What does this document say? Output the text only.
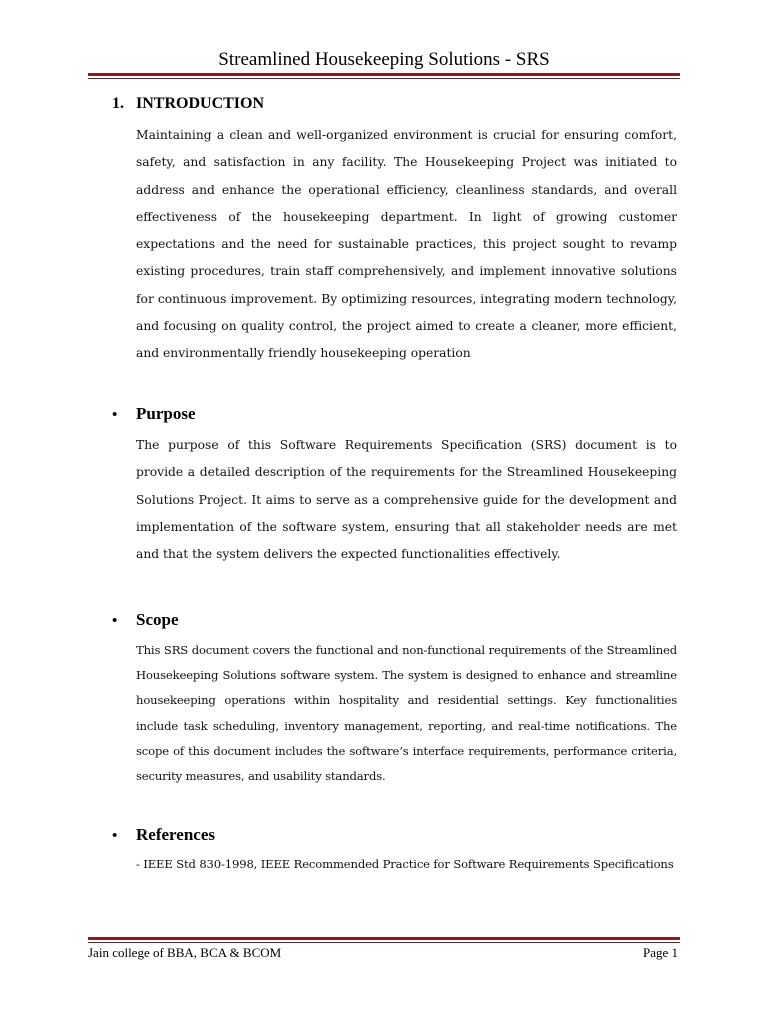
Streamlined Housekeeping Solutions - SRS
1. INTRODUCTION
Maintaining a clean and well-organized environment is crucial for ensuring comfort, safety, and satisfaction in any facility. The Housekeeping Project was initiated to address and enhance the operational efficiency, cleanliness standards, and overall effectiveness of the housekeeping department. In light of growing customer expectations and the need for sustainable practices, this project sought to revamp existing procedures, train staff comprehensively, and implement innovative solutions for continuous improvement. By optimizing resources, integrating modern technology, and focusing on quality control, the project aimed to create a cleaner, more efficient, and environmentally friendly housekeeping operation
• Purpose
The purpose of this Software Requirements Specification (SRS) document is to provide a detailed description of the requirements for the Streamlined Housekeeping Solutions Project. It aims to serve as a comprehensive guide for the development and implementation of the software system, ensuring that all stakeholder needs are met and that the system delivers the expected functionalities effectively.
• Scope
This SRS document covers the functional and non-functional requirements of the Streamlined Housekeeping Solutions software system. The system is designed to enhance and streamline housekeeping operations within hospitality and residential settings. Key functionalities include task scheduling, inventory management, reporting, and real-time notifications. The scope of this document includes the software’s interface requirements, performance criteria, security measures, and usability standards.
• References
- IEEE Std 830-1998, IEEE Recommended Practice for Software Requirements Specifications
Jain college of BBA, BCA & BCOM	Page 1
